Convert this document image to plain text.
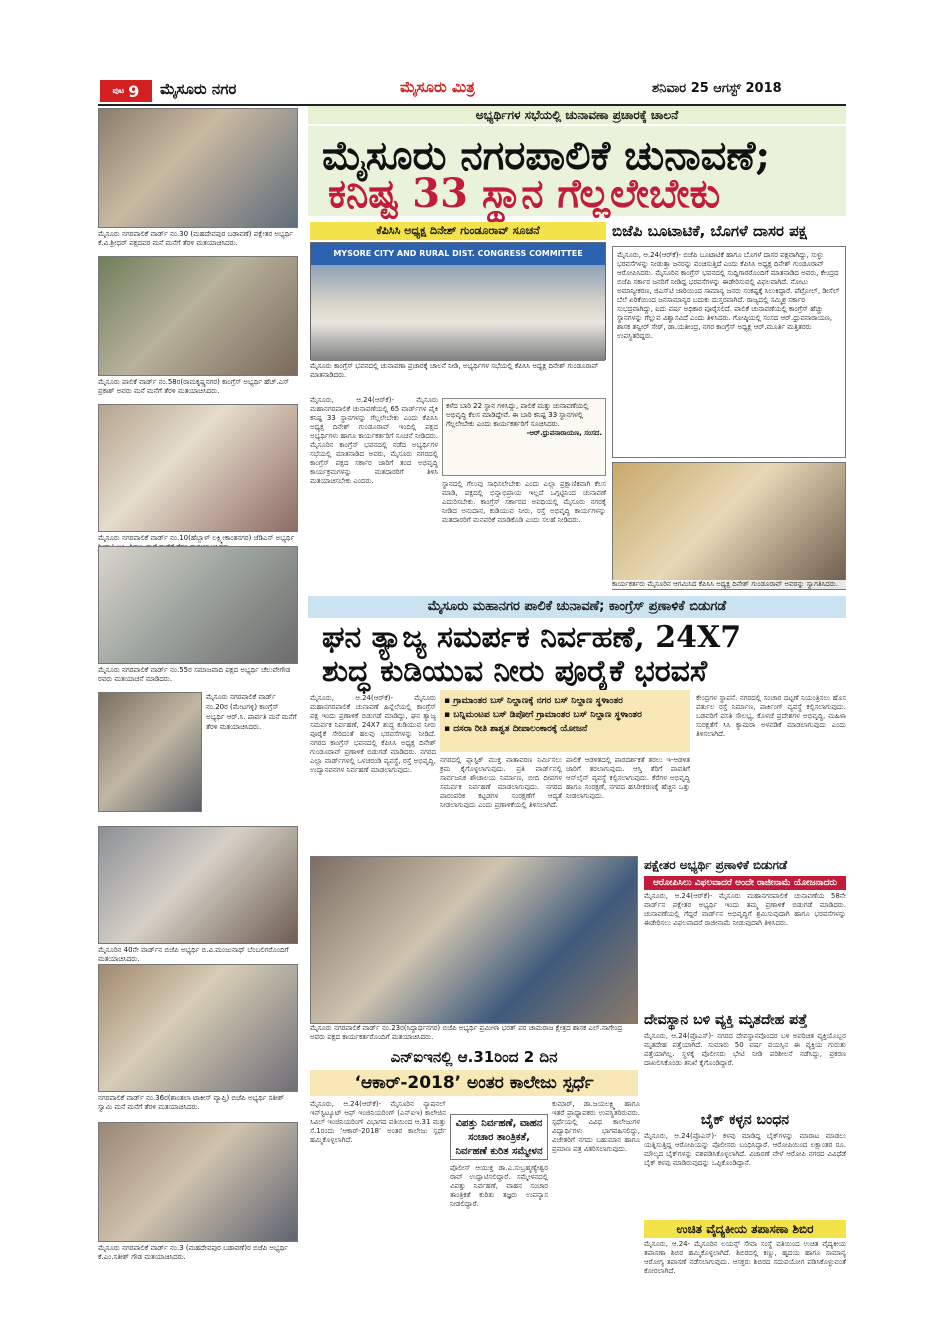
ಪುಟ 9 ಮೈಸೂರು ನಗರ	ಮೈಸೂರು ಮಿತ್ರ	ಶನಿವಾರ 25 ಆಗಸ್ಟ್ 2018
ಮೈಸೂರು ನಗರಪಾಲಿಕೆ ವಾರ್ಡ್ ನಂ.30 (ಮಹದೇವಪುರ ಬಡಾವಣೆ) ಪಕ್ಷೇತರ ಅಭ್ಯರ್ಥಿ ಕೆ.ವಿ.ಶ್ರೀಧರ್ ಪಕ್ಷದವರ ಮನೆ ಮನೆಗೆ ತೆರಳಿ ಮತಯಾಚಿಸಿದರು.
ಮೈಸೂರು ಪಾಲಿಕೆ ವಾರ್ಡ್ ನಂ.58ರ(ರಾಮಕೃಷ್ಣನಗರ) ಕಾಂಗ್ರೆಸ್ ಅಭ್ಯರ್ಥಿ ಹೆಚ್.ಎಸ್ ಪ್ರಕಾಶ್ ಅವರು ಮನೆ ಮನೆಗೆ ತೆರಳಿ ಮತಯಾಚಿಸಿದರು.
ಮೈಸೂರು ನಗರಪಾಲಿಕೆ ವಾರ್ಡ್ ನಂ.10(ಹೆಬ್ಬಾಳ್ ಲಕ್ಷ್ಮೀಕಾಂತನಗರ) ಜೆಡಿಎಸ್ ಅಭ್ಯರ್ಥಿ
ಮೈಸೂರು ನಗರಪಾಲಿಕೆ ವಾರ್ಡ್ ನಂ.55ರ ಸಮಾಜವಾದಿ ಪಕ್ಷದ ಅಭ್ಯರ್ಥಿ ಚೆಲುವೇಗೌಡ ರವರು ಮತಯಾಚನೆ ಮಾಡಿದರು.
ಮೈಸೂರು ನಗರಪಾಲಿಕೆ ವಾರ್ಡ್ ನಂ.20ರ (ಮೇಟಗಳ್ಳಿ) ಕಾಂಗ್ರೆಸ್ ಅಭ್ಯರ್ಥಿ ಆರ್.ಸಿ. ಪಾರ್ವತಿ ಮನೆ ಮನೆಗೆ ತೆರಳಿ ಮತಯಾಚಿಸಿದರು.
ಮೈಸೂರಿನ 40ನೇ ವಾರ್ಡ್‌ನ ಬಿಜೆಪಿ ಅಭ್ಯರ್ಥಿ ಬಿ.ವಿ.ಮಂಜುನಾಥ್ ಬೆಂಬಲಿಗರೊಂದಿಗೆ ಮತಯಾಚಿಸಿದರು.
ನಗರಪಾಲಿಕೆ ವಾರ್ಡ್ ನಂ.36ರ(ಶಾಂತಲಾ ಟಾಕೀಸ್ ವ್ಯಾಪ್ತಿ) ಬಿಜೆಪಿ ಅಭ್ಯರ್ಥಿ ಸತೀಶ್ ಸ್ವಾಮಿ ಮನೆ ಮನೆಗೆ ತೆರಳಿ ಮತಯಾಚಿಸಿದರು.
ಮೈಸೂರು ನಗರಪಾಲಿಕೆ ವಾರ್ಡ್ ನಂ.3 (ಮಹದೇವಪುರ ಬಡಾವಣೆ)ರ ಬಿಜೆಪಿ ಅಭ್ಯರ್ಥಿ ಕೆ.ಎಂ.ಸತೀಶ್ ಗೌಡ ಮತಯಾಚಿಸಿದರು.
ಅಭ್ಯರ್ಥಿಗಳ ಸಭೆಯಲ್ಲಿ ಚುನಾವಣಾ ಪ್ರಚಾರಕ್ಕೆ ಚಾಲನೆ
ಮೈಸೂರು ನಗರಪಾಲಿಕೆ ಚುನಾವಣೆ;
ಕನಿಷ್ಟ 33 ಸ್ಥಾನ ಗೆಲ್ಲಲೇಬೇಕು
ಕೆಪಿಸಿಸಿ ಅಧ್ಯಕ್ಷ ದಿನೇಶ್ ಗುಂಡೂರಾವ್ ಸೂಚನೆ
MYSORE CITY AND RURAL DIST. CONGRESS COMMITTEE
ಮೈಸೂರು ಕಾಂಗ್ರೆಸ್ ಭವನದಲ್ಲಿ ಚುನಾವಣಾ ಪ್ರಚಾರಕ್ಕೆ ಚಾಲನೆ ನೀಡಿ, ಅಭ್ಯರ್ಥಿಗಳ ಸಭೆಯಲ್ಲಿ ಕೆಪಿಸಿಸಿ ಅಧ್ಯಕ್ಷ ದಿನೇಶ್ ಗುಂಡೂರಾವ್ ಮಾತನಾಡಿದರು.
ಮೈಸೂರು, ಆ.24(ಆರ್‌ಕೆ)- ಮೈಸೂರು ಮಹಾನಗರಪಾಲಿಕೆ ಚುನಾವಣೆಯಲ್ಲಿ 65 ವಾರ್ಡ್‌ಗಳ ಪೈಕಿ ಕನಿಷ್ಟ 33 ಸ್ಥಾನಗಳನ್ನು ಗೆಲ್ಲಲೇಬೇಕು ಎಂದು ಕೆಪಿಸಿಸಿ ಅಧ್ಯಕ್ಷ ದಿನೇಶ್ ಗುಂಡೂರಾವ್ ಇಂದಿಲ್ಲಿ ಪಕ್ಷದ ಅಭ್ಯರ್ಥಿಗಳು ಹಾಗೂ ಕಾರ್ಯಕರ್ತರಿಗೆ ಸೂಚನೆ ನೀಡಿದರು. ಮೈಸೂರಿನ ಕಾಂಗ್ರೆಸ್ ಭವನದಲ್ಲಿ ನಡೆದ ಅಭ್ಯರ್ಥಿಗಳ ಸಭೆಯಲ್ಲಿ ಮಾತನಾಡಿದ ಅವರು, ಮೈಸೂರು ನಗರದಲ್ಲಿ ಕಾಂಗ್ರೆಸ್ ಪಕ್ಷದ ಸರ್ಕಾರ ಜಾರಿಗೆ ತಂದ ಅಭಿವೃದ್ಧಿ ಕಾರ್ಯಕ್ರಮಗಳನ್ನು ಮತದಾರರಿಗೆ ತಿಳಿಸಿ ಮತಯಾಚಿಸಬೇಕು ಎಂದರು.
ಕಳೆದ ಬಾರಿ 22 ಸ್ಥಾನ ಗಳಿಸಿದ್ದು, ಪಾಲಿಕೆ ಮತ್ತು ಚುನಾವಣೆಯಲ್ಲಿ ಅಭಿವೃದ್ಧಿ ಕೆಲಸ ಮಾಡಿದ್ದೇವೆ. ಈ ಬಾರಿ ಕನಿಷ್ಟ 33 ಸ್ಥಾನಗಳಲ್ಲಿ ಗೆಲ್ಲಲೇಬೇಕು ಎಂದು ಕಾರ್ಯಕರ್ತರಿಗೆ ಸೂಚಿಸಿದರು.
-ಆರ್.ಧ್ರುವನಾರಾಯಣ, ಸಂಸದ.
ಸ್ಥಾನದಲ್ಲಿ ಗೆಲುವು ಸಾಧಿಸಲೇಬೇಕು ಎಂದು ಎಲ್ಲಾ ಪ್ರಕ್ಷಾಣಿಕವಾಗಿ ಕೆಲಸ ಮಾಡಿ, ಪಕ್ಷದಲ್ಲಿ ಭಿನ್ನಾಭಿಪ್ರಾಯ ಇಲ್ಲದೆ ಒಗ್ಗಟ್ಟಿನಿಂದ ಚುನಾವಣೆ ಎದುರಿಸಬೇಕು. ಕಾಂಗ್ರೆಸ್ ಸರ್ಕಾರದ ಅವಧಿಯಲ್ಲಿ ಮೈಸೂರು ನಗರಕ್ಕೆ ನೀಡಿದ ಅನುದಾನ, ಕುಡಿಯುವ ನೀರು, ರಸ್ತೆ ಅಭಿವೃದ್ಧಿ ಕಾರ್ಯಗಳನ್ನು ಮತದಾರರಿಗೆ ಮನವರಿಕೆ ಮಾಡಿಕೊಡಿ ಎಂದು ಸಲಹೆ ನೀಡಿದರು.
ಬಿಜೆಪಿ ಬೂಟಾಟಿಕೆ, ಬೊಗಳೆ ದಾಸರ ಪಕ್ಷ
ಮೈಸೂರು, ಆ.24(ಆರ್‌ಕೆ)- ಬಿಜೆಪಿ ಬೂಟಾಟಿಕೆ ಹಾಗೂ ಬೊಗಳೆ ದಾಸರ ಪಕ್ಷವಾಗಿದ್ದು, ಸುಳ್ಳು ಭರವಸೆಗಳನ್ನು ನೀಡುತ್ತಾ ಜನರನ್ನು ವಂಚಿಸುತ್ತಿದೆ ಎಂದು ಕೆಪಿಸಿಸಿ ಅಧ್ಯಕ್ಷ ದಿನೇಶ್ ಗುಂಡೂರಾವ್ ಆರೋಪಿಸಿದರು. ಮೈಸೂರಿನ ಕಾಂಗ್ರೆಸ್ ಭವನದಲ್ಲಿ ಸುದ್ದಿಗಾರರೊಂದಿಗೆ ಮಾತನಾಡಿದ ಅವರು, ಕೇಂದ್ರದ ಬಿಜೆಪಿ ಸರ್ಕಾರ ಜನರಿಗೆ ನೀಡಿದ್ದ ಭರವಸೆಗಳನ್ನು ಈಡೇರಿಸುವಲ್ಲಿ ವಿಫಲವಾಗಿದೆ. ನೋಟು ಅಮಾನ್ಯೀಕರಣ, ಜಿಎಸ್‌ಟಿ ಜಾರಿಯಿಂದ ಸಾಮಾನ್ಯ ಜನರು ಸಂಕಷ್ಟಕ್ಕೆ ಸಿಲುಕಿದ್ದಾರೆ. ಪೆಟ್ರೋಲ್, ಡೀಸೆಲ್ ಬೆಲೆ ಏರಿಕೆಯಿಂದ ಜನಸಾಮಾನ್ಯರ ಬದುಕು ದುಸ್ತರವಾಗಿದೆ. ರಾಜ್ಯದಲ್ಲಿ ಸಮ್ಮಿಶ್ರ ಸರ್ಕಾರ ಸುಭದ್ರವಾಗಿದ್ದು, ಐದು ವರ್ಷ ಅಧಿಕಾರ ಪೂರೈಸಲಿದೆ. ಪಾಲಿಕೆ ಚುನಾವಣೆಯಲ್ಲಿ ಕಾಂಗ್ರೆಸ್ ಹೆಚ್ಚು ಸ್ಥಾನಗಳನ್ನು ಗೆಲ್ಲುವ ವಿಶ್ವಾಸವಿದೆ ಎಂದು ತಿಳಿಸಿದರು. ಗೋಷ್ಠಿಯಲ್ಲಿ ಸಂಸದ ಆರ್.ಧ್ರುವನಾರಾಯಣ, ಶಾಸಕ ತನ್ವೀರ್ ಸೇಠ್, ಡಾ.ಯತೀಂದ್ರ, ನಗರ ಕಾಂಗ್ರೆಸ್ ಅಧ್ಯಕ್ಷ ಆರ್.ಮೂರ್ತಿ ಮತ್ತಿತರರು ಉಪಸ್ಥಿತರಿದ್ದರು.
ಕಾರ್ಯಕರ್ತರು ಮೈಸೂರಿನ ಆಗಮಿಸಿದ ಕೆಪಿಸಿಸಿ ಅಧ್ಯಕ್ಷ ದಿನೇಶ್ ಗುಂಡೂರಾವ್ ಅವರನ್ನು ಸ್ವಾಗತಿಸಿದರು.
ಮೈಸೂರು ಮಹಾನಗರ ಪಾಲಿಕೆ ಚುನಾವಣೆ; ಕಾಂಗ್ರೆಸ್ ಪ್ರಣಾಳಿಕೆ ಬಿಡುಗಡೆ
ಘನ ತ್ಯಾಜ್ಯ ಸಮರ್ಪಕ ನಿರ್ವಹಣೆ, 24X7
ಶುದ್ಧ ಕುಡಿಯುವ ನೀರು ಪೂರೈಕೆ ಭರವಸೆ
ಮೈಸೂರು, ಆ.24(ಆರ್‌ಕೆ)- ಮೈಸೂರು ಮಹಾನಗರಪಾಲಿಕೆ ಚುನಾವಣೆ ಹಿನ್ನೆಲೆಯಲ್ಲಿ ಕಾಂಗ್ರೆಸ್ ಪಕ್ಷ ಇಂದು ಪ್ರಣಾಳಿಕೆ ಬಿಡುಗಡೆ ಮಾಡಿದ್ದು, ಘನ ತ್ಯಾಜ್ಯ ಸಮರ್ಪಕ ನಿರ್ವಹಣೆ, 24X7 ಶುದ್ಧ ಕುಡಿಯುವ ನೀರು ಪೂರೈಕೆ ಸೇರಿದಂತೆ ಹಲವು ಭರವಸೆಗಳನ್ನು ನೀಡಿದೆ. ನಗರದ ಕಾಂಗ್ರೆಸ್ ಭವನದಲ್ಲಿ ಕೆಪಿಸಿಸಿ ಅಧ್ಯಕ್ಷ ದಿನೇಶ್ ಗುಂಡೂರಾವ್ ಪ್ರಣಾಳಿಕೆ ಬಿಡುಗಡೆ ಮಾಡಿದರು. ನಗರದ ಎಲ್ಲಾ ವಾರ್ಡ್‌ಗಳಲ್ಲಿ ಒಳಚರಂಡಿ ವ್ಯವಸ್ಥೆ, ರಸ್ತೆ ಅಭಿವೃದ್ಧಿ, ಉದ್ಯಾನವನಗಳ ನಿರ್ವಹಣೆ ಮಾಡಲಾಗುವುದು.
▪ ಗ್ರಾಮಾಂತರ ಬಸ್ ನಿಲ್ದಾಣಕ್ಕೆ ನಗರ ಬಸ್ ನಿಲ್ದಾಣ ಸ್ಥಳಾಂತರ
▪ ಬನ್ನಿಮಂಟಪ ಬಸ್ ಡಿಪೋಗೆ ಗ್ರಾಮಾಂತರ ಬಸ್ ನಿಲ್ದಾಣ ಸ್ಥಳಾಂತರ
▪ ದಸರಾ ರೀತಿ ಶಾಶ್ವತ ದೀಪಾಲಂಕಾರಕ್ಕೆ ಯೋಜನೆ
ನಗರದಲ್ಲಿ ಪ್ಲಾಸ್ಟಿಕ್ ಮುಕ್ತ ವಾತಾವರಣ ನಿರ್ಮಿಸಲು ಕ್ರಮ ಕೈಗೊಳ್ಳಲಾಗುವುದು. ಪ್ರತಿ ವಾರ್ಡ್‌ನಲ್ಲಿ ಸಾರ್ವಜನಿಕ ಶೌಚಾಲಯ ನಿರ್ಮಾಣ, ಬೀದಿ ದೀಪಗಳ ಸಮರ್ಪಕ ನಿರ್ವಹಣೆ ಮಾಡಲಾಗುವುದು. ನಗರದ ಪಾರಂಪರಿಕ ಕಟ್ಟಡಗಳ ಸಂರಕ್ಷಣೆಗೆ ಆದ್ಯತೆ ನೀಡಲಾಗುವುದು ಎಂದು ಪ್ರಣಾಳಿಕೆಯಲ್ಲಿ ತಿಳಿಸಲಾಗಿದೆ.
ಪಾಲಿಕೆ ಆಡಳಿತದಲ್ಲಿ ಪಾರದರ್ಶಕತೆ ತರಲು ಇ-ಆಡಳಿತ ಜಾರಿಗೆ ತರಲಾಗುವುದು. ಆಸ್ತಿ ತೆರಿಗೆ ಪಾವತಿಗೆ ಆನ್‌ಲೈನ್ ವ್ಯವಸ್ಥೆ ಕಲ್ಪಿಸಲಾಗುವುದು. ಕೆರೆಗಳ ಅಭಿವೃದ್ಧಿ ಹಾಗೂ ಸಂರಕ್ಷಣೆ, ನಗರದ ಹಸಿರೀಕರಣಕ್ಕೆ ಹೆಚ್ಚಿನ ಒತ್ತು ನೀಡಲಾಗುವುದು.
ಕೇಂದ್ರಗಳ ಸ್ಥಾಪನೆ. ನಗರದಲ್ಲಿ ಸಂಚಾರ ದಟ್ಟಣೆ ನಿಯಂತ್ರಿಸಲು ಹೊಸ ವರ್ತುಲ ರಸ್ತೆ ನಿರ್ಮಾಣ, ಪಾರ್ಕಿಂಗ್ ವ್ಯವಸ್ಥೆ ಕಲ್ಪಿಸಲಾಗುವುದು. ಬಡವರಿಗೆ ವಸತಿ ಸೌಲಭ್ಯ, ಕೊಳಚೆ ಪ್ರದೇಶಗಳ ಅಭಿವೃದ್ಧಿ, ಮಹಿಳಾ ಸುರಕ್ಷತೆಗೆ ಸಿಸಿ ಕ್ಯಾಮರಾ ಅಳವಡಿಕೆ ಮಾಡಲಾಗುವುದು ಎಂದು ತಿಳಿಸಲಾಗಿದೆ.
ಮೈಸೂರು ನಗರಪಾಲಿಕೆ ವಾರ್ಡ್ ನಂ.23ರ(ಸಿದ್ದಾರ್ಥನಗರ) ಬಿಜೆಪಿ ಅಭ್ಯರ್ಥಿ ಪ್ರಮೀಳಾ ಭರತ್ ಪರ ಚಾಮರಾಜ ಕ್ಷೇತ್ರದ ಶಾಸಕ ಎಲ್.ನಾಗೇಂದ್ರ ಅವರು ಪಕ್ಷದ ಕಾರ್ಯಕರ್ತರೊಂದಿಗೆ ಮತಯಾಚಿಸಿದರು.
ಎನ್‌ಐಇನಲ್ಲಿ ಆ.31ರಿಂದ 2 ದಿನ
‘ಆಕಾರ್-2018’ ಅಂತರ ಕಾಲೇಜು ಸ್ಪರ್ಧೆ
ಮೈಸೂರು, ಆ.24(ಆರ್‌ಕೆ)- ಮೈಸೂರಿನ ನ್ಯಾಷನಲ್ ಇನ್‌ಸ್ಟಿಟ್ಯೂಟ್ ಆಫ್ ಇಂಜಿನಿಯರಿಂಗ್ (ಎನ್‌ಐಇ) ಕಾಲೇಜಿನ ಸಿವಿಲ್ ಇಂಜಿನಿಯರಿಂಗ್ ವಿಭಾಗದ ವತಿಯಿಂದ ಆ.31 ಮತ್ತು ಸೆ.1ರಂದು ‘ಆಕಾರ್-2018’ ಅಂತರ ಕಾಲೇಜು ಸ್ಪರ್ಧೆ ಹಮ್ಮಿಕೊಳ್ಳಲಾಗಿದೆ.
ವಿಪತ್ತು ನಿರ್ವಹಣೆ, ವಾಹನ ಸಂಚಾರ ತಾಂತ್ರಿಕತೆ, ನಿರ್ವಹಣೆ ಕುರಿತ ಸಮ್ಮೇಳನ
ಪೊಲೀಸ್ ಆಯುಕ್ತ ಡಾ.ಎ.ಸುಬ್ರಹ್ಮಣ್ಯೇಶ್ವರ ರಾವ್ ಉದ್ಘಾಟಿಸಲಿದ್ದಾರೆ. ಸಮ್ಮೇಳನದಲ್ಲಿ ವಿಪತ್ತು ನಿರ್ವಹಣೆ, ವಾಹನ ಸಂಚಾರ ತಾಂತ್ರಿಕತೆ ಕುರಿತು ತಜ್ಞರು ಉಪನ್ಯಾಸ ನೀಡಲಿದ್ದಾರೆ.
ಕುಮಾರ್, ಡಾ.ಜಯಲಕ್ಷ್ಮಿ ಹಾಗೂ ಇತರೆ ಪ್ರಾಧ್ಯಾಪಕರು ಉಪಸ್ಥಿತರಿರುವರು. ಸ್ಪರ್ಧೆಯಲ್ಲಿ ವಿವಿಧ ಕಾಲೇಜುಗಳ ವಿದ್ಯಾರ್ಥಿಗಳು ಭಾಗವಹಿಸಲಿದ್ದು, ವಿಜೇತರಿಗೆ ನಗದು ಬಹುಮಾನ ಹಾಗೂ ಪ್ರಮಾಣ ಪತ್ರ ವಿತರಿಸಲಾಗುವುದು.
ಪಕ್ಷೇತರ ಅಭ್ಯರ್ಥಿ ಪ್ರಣಾಳಿಕೆ ಬಿಡುಗಡೆ
ಆರೋಪಿಸಿಲು ವಿಫಲವಾದರೆ ಅಂದೇ ರಾಜೀನಾಮೆ ಯೋಜನಾದರು
ಮೈಸೂರು, ಆ.24(ಆರ್‌ಕೆ)- ಮೈಸೂರು ಮಹಾನಗರಪಾಲಿಕೆ ಚುನಾವಣೆಯ 58ನೇ ವಾರ್ಡ್‌ನ ಪಕ್ಷೇತರ ಅಭ್ಯರ್ಥಿ ಇಂದು ತಮ್ಮ ಪ್ರಣಾಳಿಕೆ ಬಿಡುಗಡೆ ಮಾಡಿದರು. ಚುನಾವಣೆಯಲ್ಲಿ ಗೆದ್ದರೆ ವಾರ್ಡ್‌ನ ಅಭಿವೃದ್ಧಿಗೆ ಶ್ರಮಿಸುವುದಾಗಿ ಹಾಗೂ ಭರವಸೆಗಳನ್ನು ಈಡೇರಿಸಲು ವಿಫಲವಾದರೆ ರಾಜೀನಾಮೆ ನೀಡುವುದಾಗಿ ತಿಳಿಸಿದರು.
ದೇವಸ್ಥಾನ ಬಳಿ ವ್ಯಕ್ತಿ ಮೃತದೇಹ ಪತ್ತೆ
ಮೈಸೂರು, ಆ.24(ಪ್ರೊಎಸ್)- ನಗರದ ದೇವಸ್ಥಾನವೊಂದರ ಬಳಿ ಅಪರಿಚಿತ ವ್ಯಕ್ತಿಯೊಬ್ಬರ ಮೃತದೇಹ ಪತ್ತೆಯಾಗಿದೆ. ಸುಮಾರು 50 ವರ್ಷ ವಯಸ್ಸಿನ ಈ ವ್ಯಕ್ತಿಯ ಗುರುತು ಪತ್ತೆಯಾಗಿಲ್ಲ. ಸ್ಥಳಕ್ಕೆ ಪೊಲೀಸರು ಭೇಟಿ ನೀಡಿ ಪರಿಶೀಲನೆ ನಡೆಸಿದ್ದು, ಪ್ರಕರಣ ದಾಖಲಿಸಿಕೊಂಡು ತನಿಖೆ ಕೈಗೊಂಡಿದ್ದಾರೆ.
ಬೈಕ್ ಕಳ್ಳನ ಬಂಧನ
ಮೈಸೂರು, ಆ.24(ಪ್ರೊಎಸ್)- ಕಳವು ಮಾಡಿದ್ದ ಬೈಕ್‌ಗಳನ್ನು ಮಾರಾಟ ಮಾಡಲು ಯತ್ನಿಸುತ್ತಿದ್ದ ಆರೋಪಿಯನ್ನು ಪೊಲೀಸರು ಬಂಧಿಸಿದ್ದಾರೆ. ಆರೋಪಿಯಿಂದ ಲಕ್ಷಾಂತರ ರೂ. ಮೌಲ್ಯದ ಬೈಕ್‌ಗಳನ್ನು ವಶಪಡಿಸಿಕೊಳ್ಳಲಾಗಿದೆ. ವಿಚಾರಣೆ ವೇಳೆ ಆರೋಪಿ ನಗರದ ವಿವಿಧೆಡೆ ಬೈಕ್ ಕಳವು ಮಾಡಿರುವುದನ್ನು ಒಪ್ಪಿಕೊಂಡಿದ್ದಾನೆ.
ಉಚಿತ ವೈದ್ಯಕೀಯ ತಪಾಸಣಾ ಶಿಬಿರ
ಮೈಸೂರು, ಆ.24- ಮೈಸೂರಿನ ಲಯನ್ಸ್ ಸೇವಾ ಸಂಸ್ಥೆ ವತಿಯಿಂದ ಉಚಿತ ವೈದ್ಯಕೀಯ ತಪಾಸಣಾ ಶಿಬಿರ ಹಮ್ಮಿಕೊಳ್ಳಲಾಗಿದೆ. ಶಿಬಿರದಲ್ಲಿ ಕಣ್ಣು, ಹೃದಯ ಹಾಗೂ ಸಾಮಾನ್ಯ ಆರೋಗ್ಯ ತಪಾಸಣೆ ನಡೆಸಲಾಗುವುದು. ಆಸಕ್ತರು ಶಿಬಿರದ ಸದುಪಯೋಗ ಪಡಿಸಿಕೊಳ್ಳುವಂತೆ ಕೋರಲಾಗಿದೆ.
